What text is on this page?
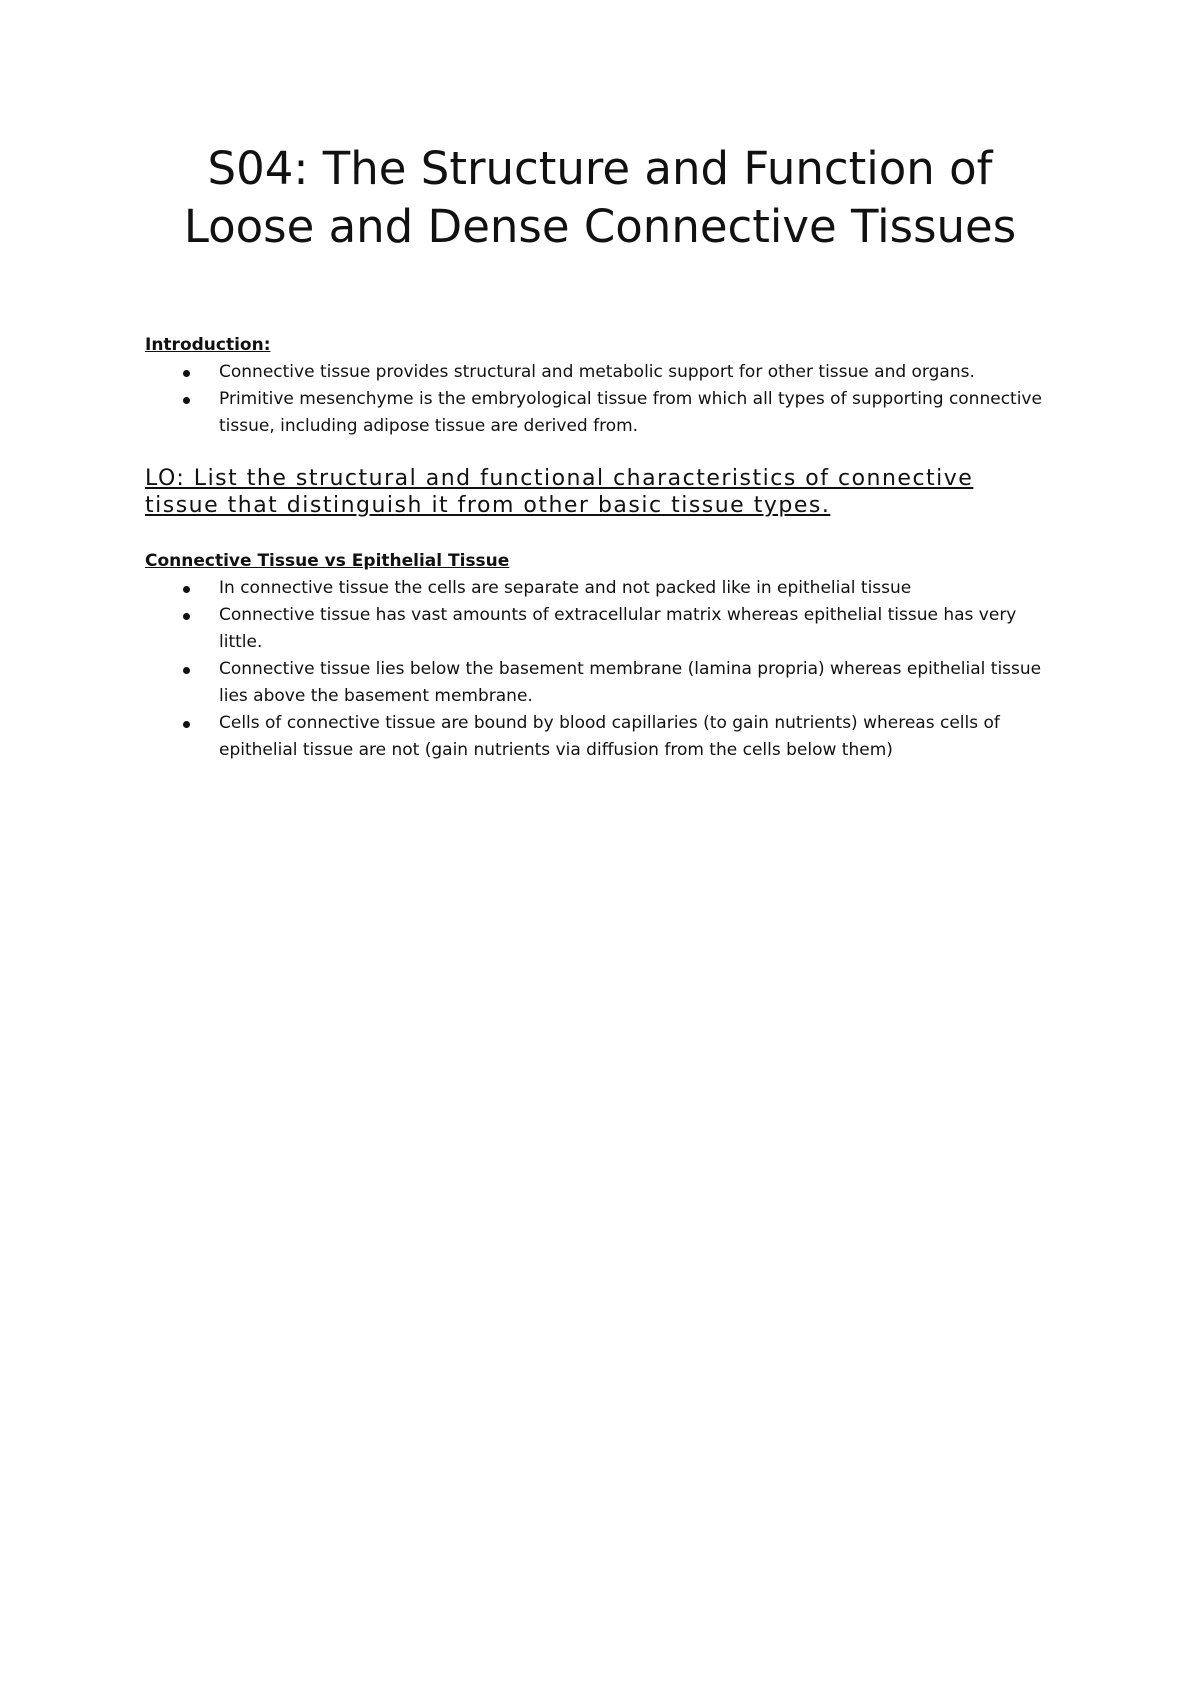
S04: The Structure and Function of
Loose and Dense Connective Tissues

Introduction:

Connective tissue provides structural and metabolic support for other tissue and organs.
Primitive mesenchyme is the embryological tissue from which all types of supporting connective tissue, including adipose tissue are derived from.
LO: List the structural and functional characteristics of connective
tissue that distinguish it from other basic tissue types.

Connective Tissue vs Epithelial Tissue

In connective tissue the cells are separate and not packed like in epithelial tissue
Connective tissue has vast amounts of extracellular matrix whereas epithelial tissue has very little.
Connective tissue lies below the basement membrane (lamina propria) whereas epithelial tissue lies above the basement membrane.
Cells of connective tissue are bound by blood capillaries (to gain nutrients) whereas cells of epithelial tissue are not (gain nutrients via diffusion from the cells below them)
